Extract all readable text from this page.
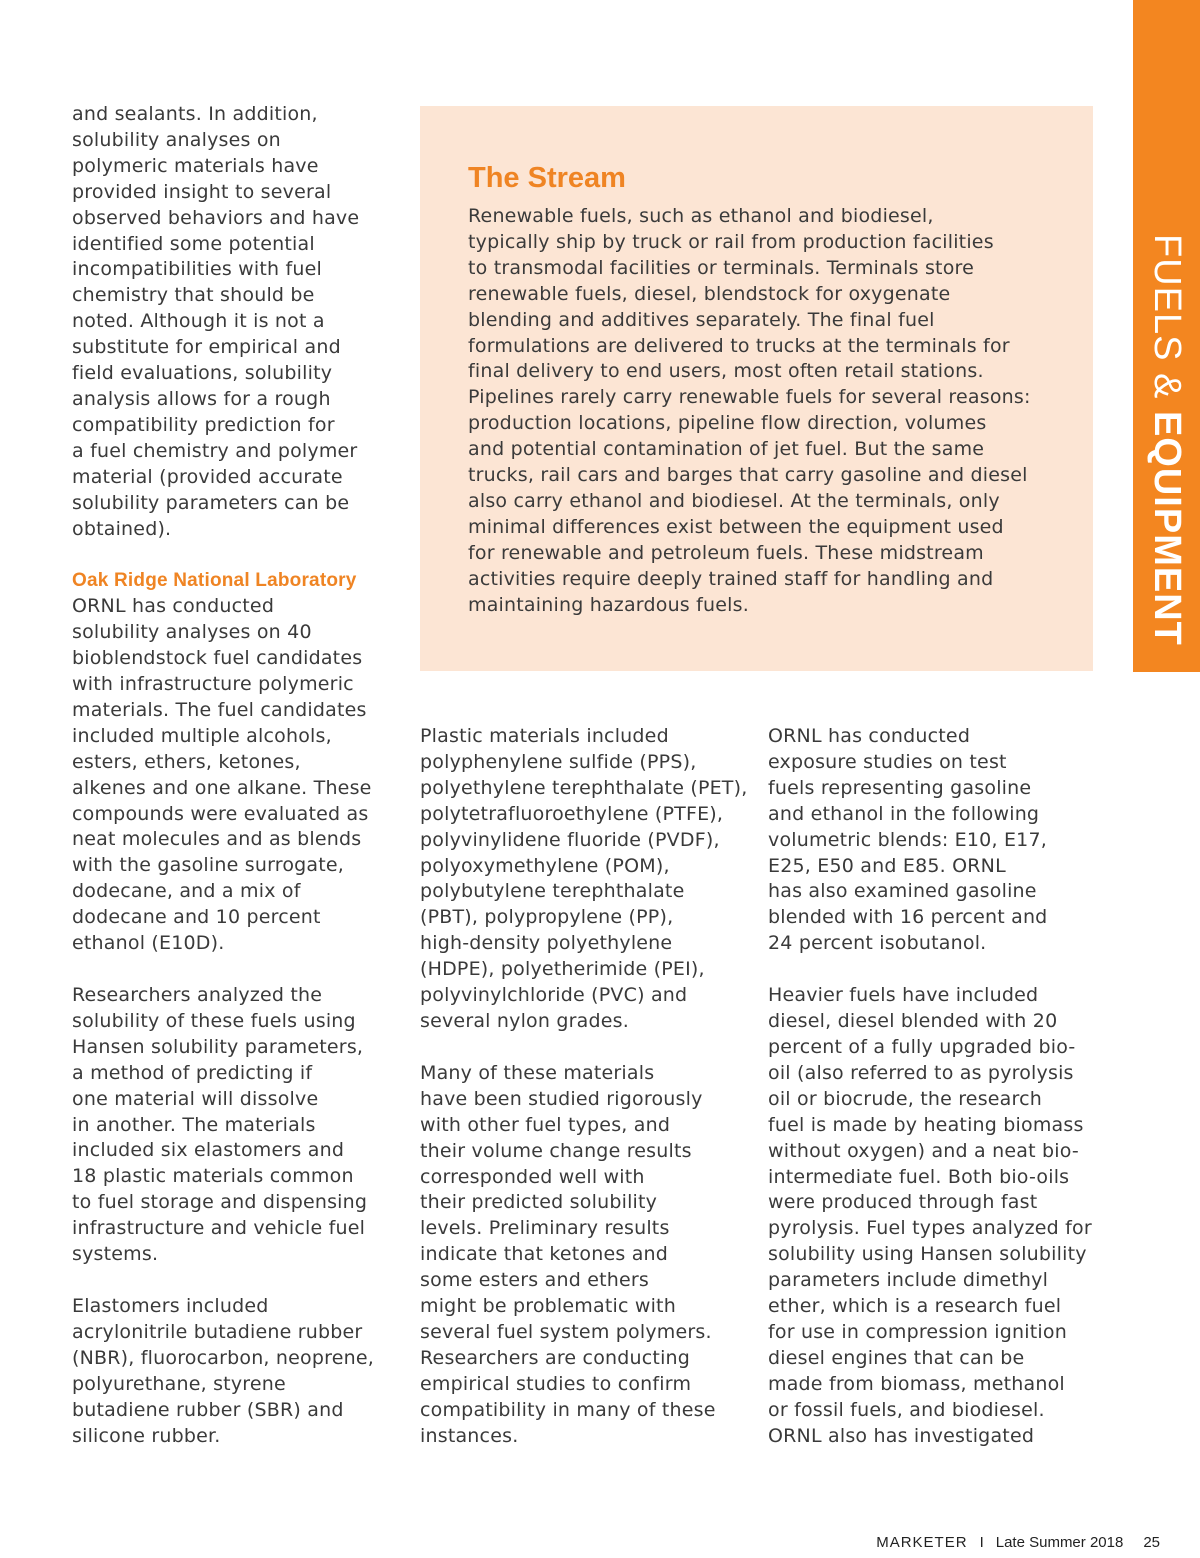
FUELS & EQUIPMENT

and sealants. In addition,
solubility analyses on
polymeric materials have
provided insight to several
observed behaviors and have
identified some potential
incompatibilities with fuel
chemistry that should be
noted. Although it is not a
substitute for empirical and
field evaluations, solubility
analysis allows for a rough
compatibility prediction for
a fuel chemistry and polymer
material (provided accurate
solubility parameters can be
obtained).

Oak Ridge National Laboratory
ORNL has conducted
solubility analyses on 40
bioblendstock fuel candidates
with infrastructure polymeric
materials. The fuel candidates
included multiple alcohols,
esters, ethers, ketones,
alkenes and one alkane. These
compounds were evaluated as
neat molecules and as blends
with the gasoline surrogate,
dodecane, and a mix of
dodecane and 10 percent
ethanol (E10D).

Researchers analyzed the
solubility of these fuels using
Hansen solubility parameters,
a method of predicting if
one material will dissolve
in another. The materials
included six elastomers and
18 plastic materials common
to fuel storage and dispensing
infrastructure and vehicle fuel
systems.

Elastomers included
acrylonitrile butadiene rubber
(NBR), fluorocarbon, neoprene,
polyurethane, styrene
butadiene rubber (SBR) and
silicone rubber.

The Stream
Renewable fuels, such as ethanol and biodiesel,
typically ship by truck or rail from production facilities
to transmodal facilities or terminals. Terminals store
renewable fuels, diesel, blendstock for oxygenate
blending and additives separately. The final fuel
formulations are delivered to trucks at the terminals for
final delivery to end users, most often retail stations.
Pipelines rarely carry renewable fuels for several reasons:
production locations, pipeline flow direction, volumes
and potential contamination of jet fuel. But the same
trucks, rail cars and barges that carry gasoline and diesel
also carry ethanol and biodiesel. At the terminals, only
minimal differences exist between the equipment used
for renewable and petroleum fuels. These midstream
activities require deeply trained staff for handling and
maintaining hazardous fuels.

Plastic materials included
polyphenylene sulfide (PPS),
polyethylene terephthalate (PET),
polytetrafluoroethylene (PTFE),
polyvinylidene fluoride (PVDF),
polyoxymethylene (POM),
polybutylene terephthalate
(PBT), polypropylene (PP),
high-density polyethylene
(HDPE), polyetherimide (PEI),
polyvinylchloride (PVC) and
several nylon grades.

Many of these materials
have been studied rigorously
with other fuel types, and
their volume change results
corresponded well with
their predicted solubility
levels. Preliminary results
indicate that ketones and
some esters and ethers
might be problematic with
several fuel system polymers.
Researchers are conducting
empirical studies to confirm
compatibility in many of these
instances.

ORNL has conducted
exposure studies on test
fuels representing gasoline
and ethanol in the following
volumetric blends: E10, E17,
E25, E50 and E85. ORNL
has also examined gasoline
blended with 16 percent and
24 percent isobutanol.

Heavier fuels have included
diesel, diesel blended with 20
percent of a fully upgraded bio-
oil (also referred to as pyrolysis
oil or biocrude, the research
fuel is made by heating biomass
without oxygen) and a neat bio-
intermediate fuel. Both bio-oils
were produced through fast
pyrolysis. Fuel types analyzed for
solubility using Hansen solubility
parameters include dimethyl
ether, which is a research fuel
for use in compression ignition
diesel engines that can be
made from biomass, methanol
or fossil fuels, and biodiesel.
ORNL also has investigated

MARKETER I Late Summer 2018 25
